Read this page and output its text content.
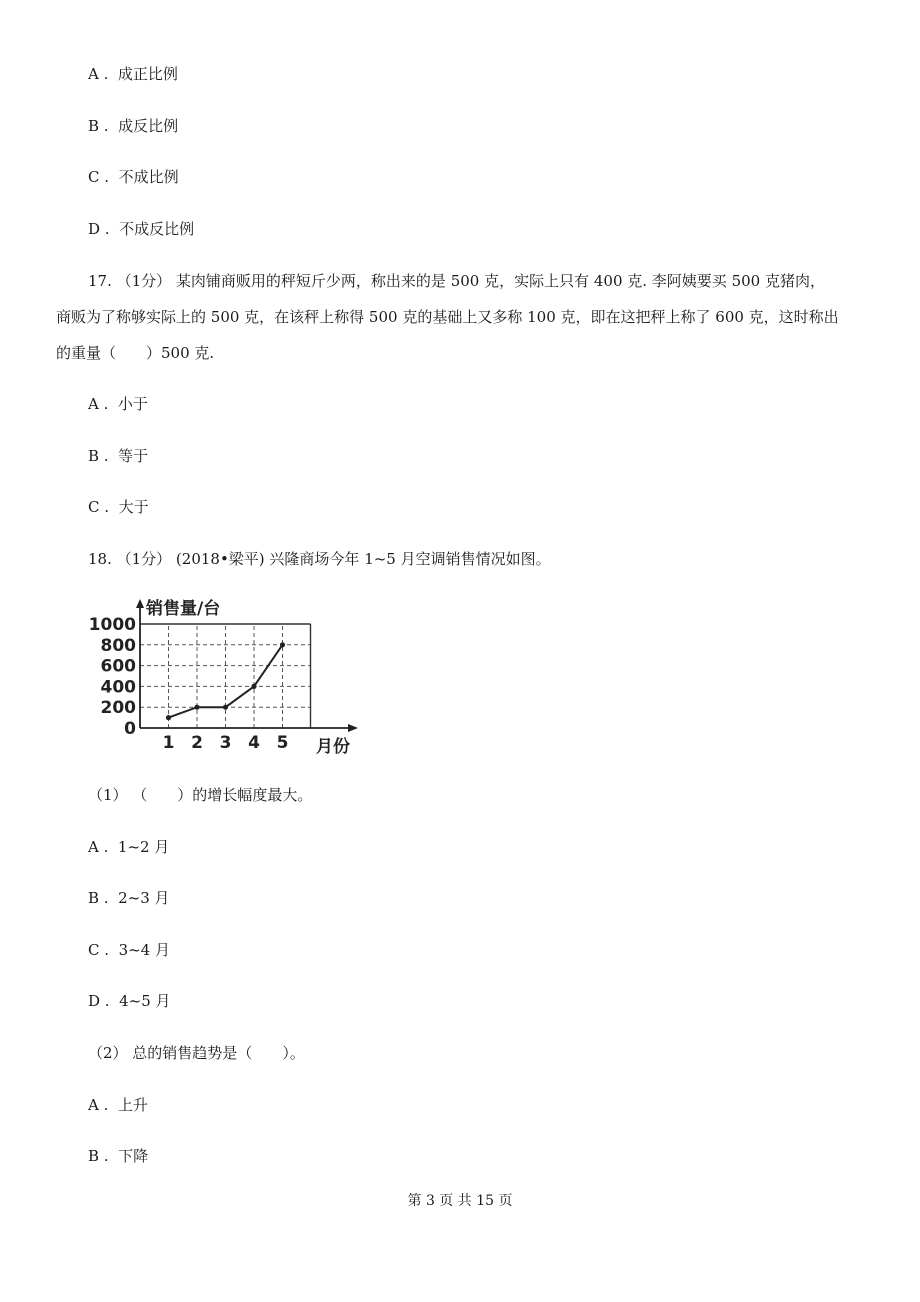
A .  成正比例
B .  成反比例
C .  不成比例
D .  不成反比例
17. （1分） 某肉铺商贩用的秤短斤少两，称出来的是 500 克，实际上只有 400 克. 李阿姨要买 500 克猪肉，
商贩为了称够实际上的 500 克，在该秤上称得 500 克的基础上又多称 100 克，即在这把秤上称了 600 克，这时称出
的重量（　　）500 克.
A .  小于
B .  等于
C .  大于
18. （1分） (2018•梁平) 兴隆商场今年 1~5 月空调销售情况如图。
0
200
400
600
800
1000
1 2 3 4 5
销售量/台
月份
（1） （　　）的增长幅度最大。
A .  1~2 月
B .  2~3 月
C .  3~4 月
D .  4~5 月
（2） 总的销售趋势是（　　）。
A .  上升
B .  下降
第 3 页 共 15 页
